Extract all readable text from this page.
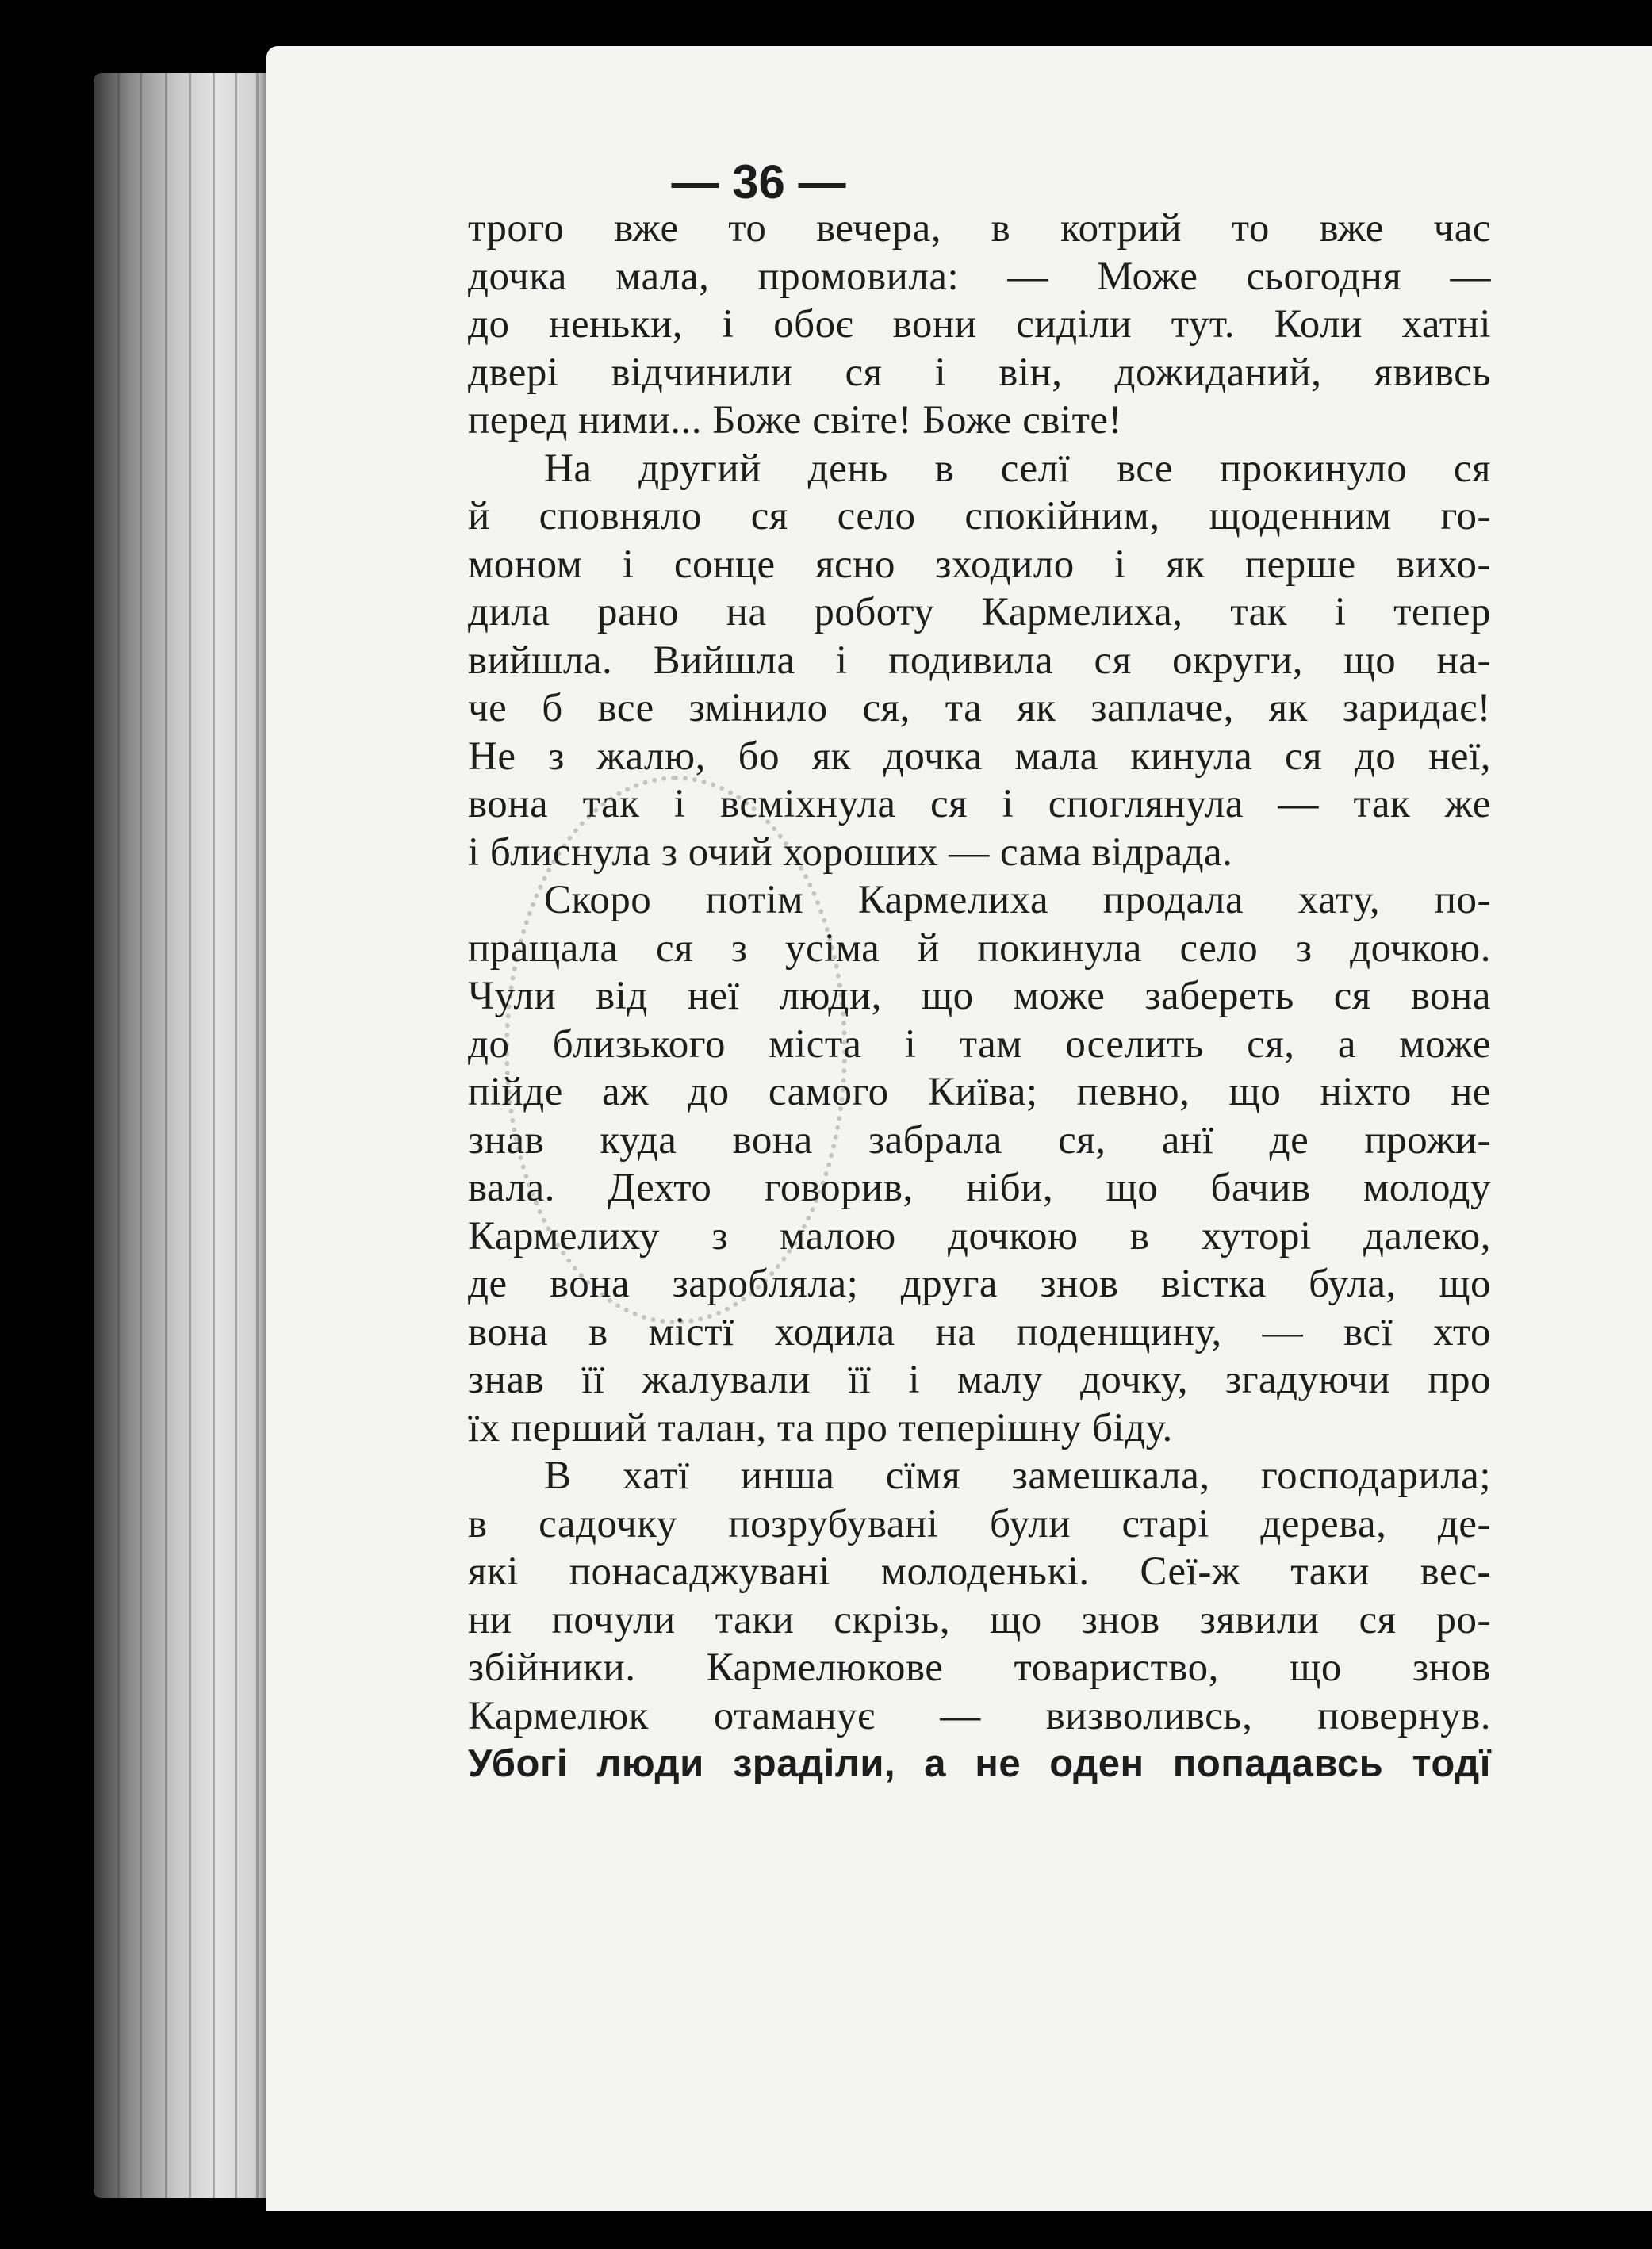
— 36 —
трого вже то вечера, в котрий то вже час
дочка мала, промовила: — Може сьогодня —
до неньки, і обоє вони сиділи тут. Коли хатні
двері відчинили ся і він, дожиданий, явивсь
перед ними... Боже світе! Боже світе!
На другий день в селї все прокинуло ся
й сповняло ся село спокійним, щоденним го-
моном і сонце ясно зходило і як перше вихо-
дила рано на роботу Кармелиха, так і тепер
вийшла. Вийшла і подивила ся округи, що на-
че б все змінило ся, та як заплаче, як заридає!
Не з жалю, бо як дочка мала кинула ся до неї,
вона так і всміхнула ся і споглянула — так же
і блиснула з очий хороших — сама відрада.
Скоро потім Кармелиха продала хату, по-
пращала ся з усіма й покинула село з дочкою.
Чули від неї люди, що може забереть ся вона
до близького міста і там оселить ся, а може
пійде аж до самого Київа; певно, що ніхто не
знав куда вона забрала ся, анї де прожи-
вала. Дехто говорив, ніби, що бачив молоду
Кармелиху з малою дочкою в хуторі далеко,
де вона заробляла; друга знов вістка була, що
вона в містї ходила на поденщину, — всї хто
знав її жалували її і малу дочку, згадуючи про
їх перший талан, та про теперішну біду.
В хатї инша сїмя замешкала, господарила;
в садочку позрубувані були старі дерева, де-
які понасаджувані молоденькі. Сеї-ж таки вес-
ни почули таки скрізь, що знов зявили ся ро-
збійники. Кармелюкове товариство, що знов
Кармелюк отаманує — визволивсь, повернув.
Убогі люди зраділи, а не оден попадавсь тодї
